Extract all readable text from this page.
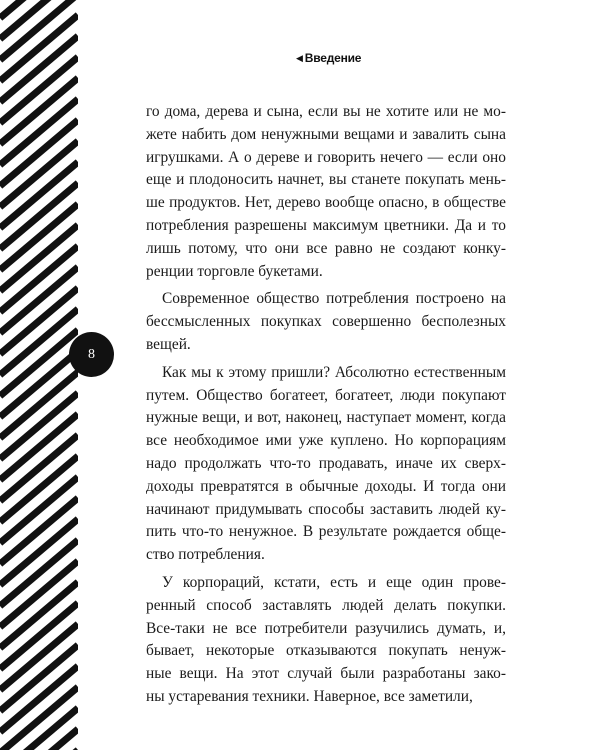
8
◀ Введение
го дома, дерева и сына, если вы не хотите или не мо-
жете набить дом ненужными вещами и завалить сына
игрушками. А о дереве и говорить нечего — если оно
еще и плодоносить начнет, вы станете покупать мень-
ше продуктов. Нет, дерево вообще опасно, в обществе
потребления разрешены максимум цветники. Да и то
лишь потому, что они все равно не создают конку-
ренции торговле букетами.
Современное общество потребления построено на
бессмысленных покупках совершенно бесполезных
вещей.
Как мы к этому пришли? Абсолютно естественным
путем. Общество богатеет, богатеет, люди покупают
нужные вещи, и вот, наконец, наступает момент, когда
все необходимое ими уже куплено. Но корпорациям
надо продолжать что-то продавать, иначе их сверх-
доходы превратятся в обычные доходы. И тогда они
начинают придумывать способы заставить людей ку-
пить что-то ненужное. В результате рождается обще-
ство потребления.
У корпораций, кстати, есть и еще один прове-
ренный способ заставлять людей делать покупки.
Все-таки не все потребители разучились думать, и,
бывает, некоторые отказываются покупать ненуж-
ные вещи. На этот случай были разработаны зако-
ны устаревания техники. Наверное, все заметили,
